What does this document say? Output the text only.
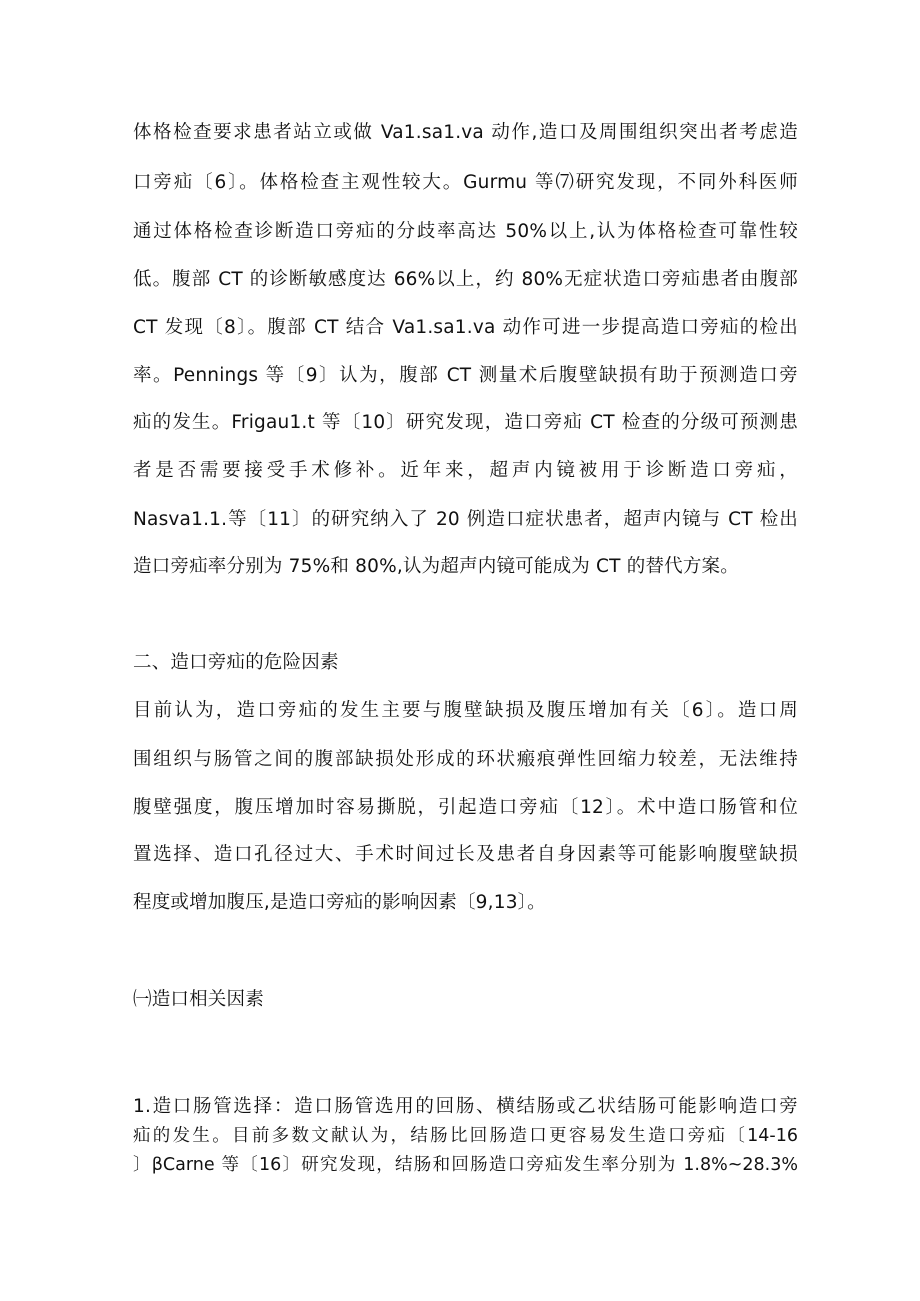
体格检查要求患者站立或做 Va1.sa1.va 动作,造口及周围组织突出者考虑造
口旁疝〔6〕。体格检查主观性较大。Gurmu 等⑺研究发现，不同外科医师
通过体格检查诊断造口旁疝的分歧率高达 50%以上,认为体格检查可靠性较
低。腹部 CT 的诊断敏感度达 66%以上，约 80%无症状造口旁疝患者由腹部
CT 发现〔8〕。腹部 CT 结合 Va1.sa1.va 动作可进一步提高造口旁疝的检出
率。Pennings 等〔9〕认为，腹部 CT 测量术后腹壁缺损有助于预测造口旁
疝的发生。Frigau1.t 等〔10〕研究发现，造口旁疝 CT 检查的分级可预测患
者是否需要接受手术修补。近年来，超声内镜被用于诊断造口旁疝，
Nasva1.1.等〔11〕的研究纳入了 20 例造口症状患者，超声内镜与 CT 检出
造口旁疝率分别为 75%和 80%,认为超声内镜可能成为 CT 的替代方案。
二、造口旁疝的危险因素
目前认为，造口旁疝的发生主要与腹壁缺损及腹压增加有关〔6〕。造口周
围组织与肠管之间的腹部缺损处形成的环状瘢痕弹性回缩力较差，无法维持
腹壁强度，腹压增加时容易撕脱，引起造口旁疝〔12〕。术中造口肠管和位
置选择、造口孔径过大、手术时间过长及患者自身因素等可能影响腹壁缺损
程度或增加腹压,是造口旁疝的影响因素〔9,13〕。
㈠造口相关因素
1.造口肠管选择：造口肠管选用的回肠、横结肠或乙状结肠可能影响造口旁
疝的发生。目前多数文献认为，结肠比回肠造口更容易发生造口旁疝〔14-16
〕βCarne 等〔16〕研究发现，结肠和回肠造口旁疝发生率分别为 1.8%~28.3%
